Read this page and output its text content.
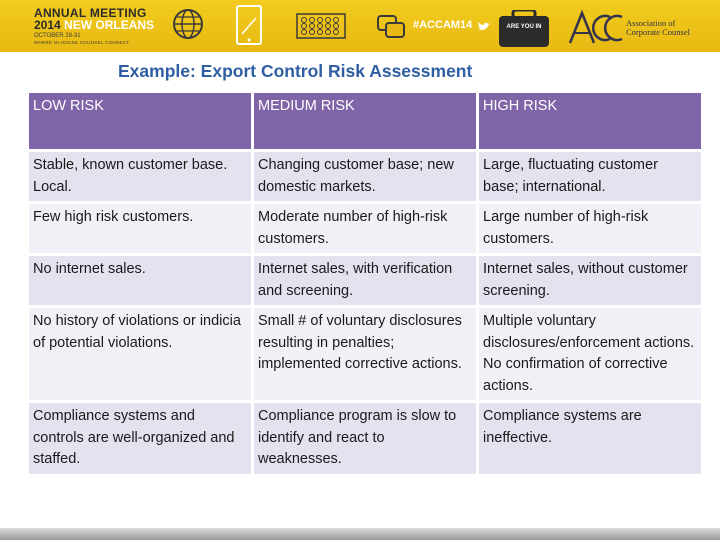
ANNUAL MEETING
2014 NEW ORLEANS
OCTOBER 28-31
WHERE IN-HOUSE COUNSEL CONNECT
#ACCAM14	ARE YOU IN	Association of
Corporate Counsel
Example: Export Control Risk Assessment
LOW RISK	MEDIUM RISK	HIGH RISK
Stable, known customer base. Local.	Changing customer base; new domestic markets.	Large, fluctuating customer base; international.
Few high risk customers.	Moderate number of high-risk customers.	Large number of high-risk customers.
No internet sales.	Internet sales, with verification and screening.	Internet sales, without customer screening.
No history of violations or indicia of potential violations.	Small # of voluntary disclosures resulting in penalties; implemented corrective actions.	Multiple voluntary disclosures/enforcement actions. No confirmation of corrective actions.
Compliance systems and controls are well-organized and staffed.	Compliance program is slow to identify and react to weaknesses.	Compliance systems are ineffective.
